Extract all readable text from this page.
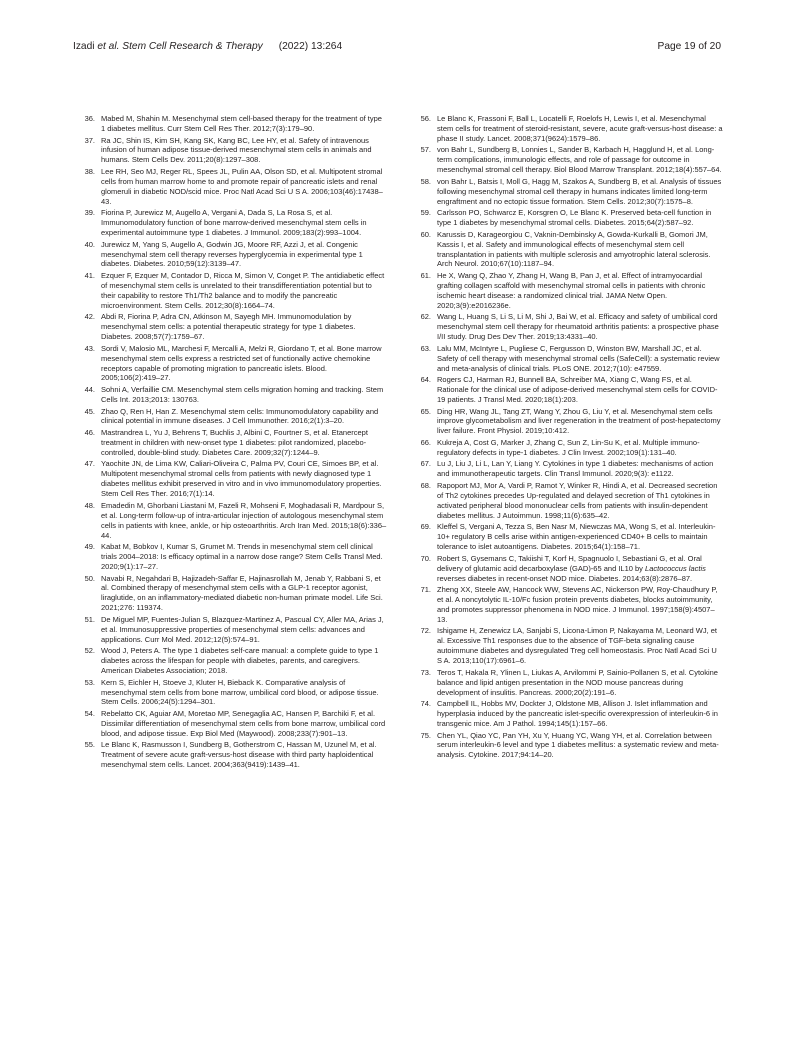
Izadi et al. Stem Cell Research & Therapy (2022) 13:264	Page 19 of 20
36. Mabed M, Shahin M. Mesenchymal stem cell-based therapy for the treatment of type 1 diabetes mellitus. Curr Stem Cell Res Ther. 2012;7(3):179–90.
37. Ra JC, Shin IS, Kim SH, Kang SK, Kang BC, Lee HY, et al. Safety of intravenous infusion of human adipose tissue-derived mesenchymal stem cells in animals and humans. Stem Cells Dev. 2011;20(8):1297–308.
38. Lee RH, Seo MJ, Reger RL, Spees JL, Pulin AA, Olson SD, et al. Multipotent stromal cells from human marrow home to and promote repair of pancreatic islets and renal glomeruli in diabetic NOD/scid mice. Proc Natl Acad Sci U S A. 2006;103(46):17438–43.
39. Fiorina P, Jurewicz M, Augello A, Vergani A, Dada S, La Rosa S, et al. Immunomodulatory function of bone marrow-derived mesenchymal stem cells in experimental autoimmune type 1 diabetes. J Immunol. 2009;183(2):993–1004.
40. Jurewicz M, Yang S, Augello A, Godwin JG, Moore RF, Azzi J, et al. Congenic mesenchymal stem cell therapy reverses hyperglycemia in experimental type 1 diabetes. Diabetes. 2010;59(12):3139–47.
41. Ezquer F, Ezquer M, Contador D, Ricca M, Simon V, Conget P. The antidiabetic effect of mesenchymal stem cells is unrelated to their transdifferentiation potential but to their capability to restore Th1/Th2 balance and to modify the pancreatic microenvironment. Stem Cells. 2012;30(8):1664–74.
42. Abdi R, Fiorina P, Adra CN, Atkinson M, Sayegh MH. Immunomodulation by mesenchymal stem cells: a potential therapeutic strategy for type 1 diabetes. Diabetes. 2008;57(7):1759–67.
43. Sordi V, Malosio ML, Marchesi F, Mercalli A, Melzi R, Giordano T, et al. Bone marrow mesenchymal stem cells express a restricted set of functionally active chemokine receptors capable of promoting migration to pancreatic islets. Blood. 2005;106(2):419–27.
44. Sohni A, Verfaillie CM. Mesenchymal stem cells migration homing and tracking. Stem Cells Int. 2013;2013: 130763.
45. Zhao Q, Ren H, Han Z. Mesenchymal stem cells: Immunomodulatory capability and clinical potential in immune diseases. J Cell Immunother. 2016;2(1):3–20.
46. Mastrandrea L, Yu J, Behrens T, Buchlis J, Albini C, Fourtner S, et al. Etanercept treatment in children with new-onset type 1 diabetes: pilot randomized, placebo-controlled, double-blind study. Diabetes Care. 2009;32(7):1244–9.
47. Yaochite JN, de Lima KW, Caliari-Oliveira C, Palma PV, Couri CE, Simoes BP, et al. Multipotent mesenchymal stromal cells from patients with newly diagnosed type 1 diabetes mellitus exhibit preserved in vitro and in vivo immunomodulatory properties. Stem Cell Res Ther. 2016;7(1):14.
48. Emadedin M, Ghorbani Liastani M, Fazeli R, Mohseni F, Moghadasali R, Mardpour S, et al. Long-term follow-up of intra-articular injection of autologous mesenchymal stem cells in patients with knee, ankle, or hip osteoarthritis. Arch Iran Med. 2015;18(6):336–44.
49. Kabat M, Bobkov I, Kumar S, Grumet M. Trends in mesenchymal stem cell clinical trials 2004–2018: Is efficacy optimal in a narrow dose range? Stem Cells Transl Med. 2020;9(1):17–27.
50. Navabi R, Negahdari B, Hajizadeh-Saffar E, Hajinasrollah M, Jenab Y, Rabbani S, et al. Combined therapy of mesenchymal stem cells with a GLP-1 receptor agonist, liraglutide, on an inflammatory-mediated diabetic non-human primate model. Life Sci. 2021;276: 119374.
51. De Miguel MP, Fuentes-Julian S, Blazquez-Martinez A, Pascual CY, Aller MA, Arias J, et al. Immunosuppressive properties of mesenchymal stem cells: advances and applications. Curr Mol Med. 2012;12(5):574–91.
52. Wood J, Peters A. The type 1 diabetes self-care manual: a complete guide to type 1 diabetes across the lifespan for people with diabetes, parents, and caregivers. American Diabetes Association; 2018.
53. Kern S, Eichler H, Stoeve J, Kluter H, Bieback K. Comparative analysis of mesenchymal stem cells from bone marrow, umbilical cord blood, or adipose tissue. Stem Cells. 2006;24(5):1294–301.
54. Rebelatto CK, Aguiar AM, Moretao MP, Senegaglia AC, Hansen P, Barchiki F, et al. Dissimilar differentiation of mesenchymal stem cells from bone marrow, umbilical cord blood, and adipose tissue. Exp Biol Med (Maywood). 2008;233(7):901–13.
55. Le Blanc K, Rasmusson I, Sundberg B, Gotherstrom C, Hassan M, Uzunel M, et al. Treatment of severe acute graft-versus-host disease with third party haploidentical mesenchymal stem cells. Lancet. 2004;363(9419):1439–41.
56. Le Blanc K, Frassoni F, Ball L, Locatelli F, Roelofs H, Lewis I, et al. Mesenchymal stem cells for treatment of steroid-resistant, severe, acute graft-versus-host disease: a phase II study. Lancet. 2008;371(9624):1579–86.
57. von Bahr L, Sundberg B, Lonnies L, Sander B, Karbach H, Hagglund H, et al. Long-term complications, immunologic effects, and role of passage for outcome in mesenchymal stromal cell therapy. Biol Blood Marrow Transplant. 2012;18(4):557–64.
58. von Bahr L, Batsis I, Moll G, Hagg M, Szakos A, Sundberg B, et al. Analysis of tissues following mesenchymal stromal cell therapy in humans indicates limited long-term engraftment and no ectopic tissue formation. Stem Cells. 2012;30(7):1575–8.
59. Carlsson PO, Schwarcz E, Korsgren O, Le Blanc K. Preserved beta-cell function in type 1 diabetes by mesenchymal stromal cells. Diabetes. 2015;64(2):587–92.
60. Karussis D, Karageorgiou C, Vaknin-Dembinsky A, Gowda-Kurkalli B, Gomori JM, Kassis I, et al. Safety and immunological effects of mesenchymal stem cell transplantation in patients with multiple sclerosis and amyotrophic lateral sclerosis. Arch Neurol. 2010;67(10):1187–94.
61. He X, Wang Q, Zhao Y, Zhang H, Wang B, Pan J, et al. Effect of intramyocardial grafting collagen scaffold with mesenchymal stromal cells in patients with chronic ischemic heart disease: a randomized clinical trial. JAMA Netw Open. 2020;3(9):e2016236e.
62. Wang L, Huang S, Li S, Li M, Shi J, Bai W, et al. Efficacy and safety of umbilical cord mesenchymal stem cell therapy for rheumatoid arthritis patients: a prospective phase I/II study. Drug Des Dev Ther. 2019;13:4331–40.
63. Lalu MM, McIntyre L, Pugliese C, Fergusson D, Winston BW, Marshall JC, et al. Safety of cell therapy with mesenchymal stromal cells (SafeCell): a systematic review and meta-analysis of clinical trials. PLoS ONE. 2012;7(10): e47559.
64. Rogers CJ, Harman RJ, Bunnell BA, Schreiber MA, Xiang C, Wang FS, et al. Rationale for the clinical use of adipose-derived mesenchymal stem cells for COVID-19 patients. J Transl Med. 2020;18(1):203.
65. Ding HR, Wang JL, Tang ZT, Wang Y, Zhou G, Liu Y, et al. Mesenchymal stem cells improve glycometabolism and liver regeneration in the treatment of post-hepatectomy liver failure. Front Physiol. 2019;10:412.
66. Kukreja A, Cost G, Marker J, Zhang C, Sun Z, Lin-Su K, et al. Multiple immuno-regulatory defects in type-1 diabetes. J Clin Invest. 2002;109(1):131–40.
67. Lu J, Liu J, Li L, Lan Y, Liang Y. Cytokines in type 1 diabetes: mechanisms of action and immunotherapeutic targets. Clin Transl Immunol. 2020;9(3): e1122.
68. Rapoport MJ, Mor A, Vardi P, Ramot Y, Winker R, Hindi A, et al. Decreased secretion of Th2 cytokines precedes Up-regulated and delayed secretion of Th1 cytokines in activated peripheral blood mononuclear cells from patients with insulin-dependent diabetes mellitus. J Autoimmun. 1998;11(6):635–42.
69. Kleffel S, Vergani A, Tezza S, Ben Nasr M, Niewczas MA, Wong S, et al. Interleukin-10+ regulatory B cells arise within antigen-experienced CD40+ B cells to maintain tolerance to islet autoantigens. Diabetes. 2015;64(1):158–71.
70. Robert S, Gysemans C, Takiishi T, Korf H, Spagnuolo I, Sebastiani G, et al. Oral delivery of glutamic acid decarboxylase (GAD)-65 and IL10 by Lactococcus lactis reverses diabetes in recent-onset NOD mice. Diabetes. 2014;63(8):2876–87.
71. Zheng XX, Steele AW, Hancock WW, Stevens AC, Nickerson PW, Roy-Chaudhury P, et al. A noncytolytic IL-10/Fc fusion protein prevents diabetes, blocks autoimmunity, and promotes suppressor phenomena in NOD mice. J Immunol. 1997;158(9):4507–13.
72. Ishigame H, Zenewicz LA, Sanjabi S, Licona-Limon P, Nakayama M, Leonard WJ, et al. Excessive Th1 responses due to the absence of TGF-beta signaling cause autoimmune diabetes and dysregulated Treg cell homeostasis. Proc Natl Acad Sci U S A. 2013;110(17):6961–6.
73. Teros T, Hakala R, Ylinen L, Liukas A, Arvilommi P, Sainio-Pollanen S, et al. Cytokine balance and lipid antigen presentation in the NOD mouse pancreas during development of insulitis. Pancreas. 2000;20(2):191–6.
74. Campbell IL, Hobbs MV, Dockter J, Oldstone MB, Allison J. Islet inflammation and hyperplasia induced by the pancreatic islet-specific overexpression of interleukin-6 in transgenic mice. Am J Pathol. 1994;145(1):157–66.
75. Chen YL, Qiao YC, Pan YH, Xu Y, Huang YC, Wang YH, et al. Correlation between serum interleukin-6 level and type 1 diabetes mellitus: a systematic review and meta-analysis. Cytokine. 2017;94:14–20.
